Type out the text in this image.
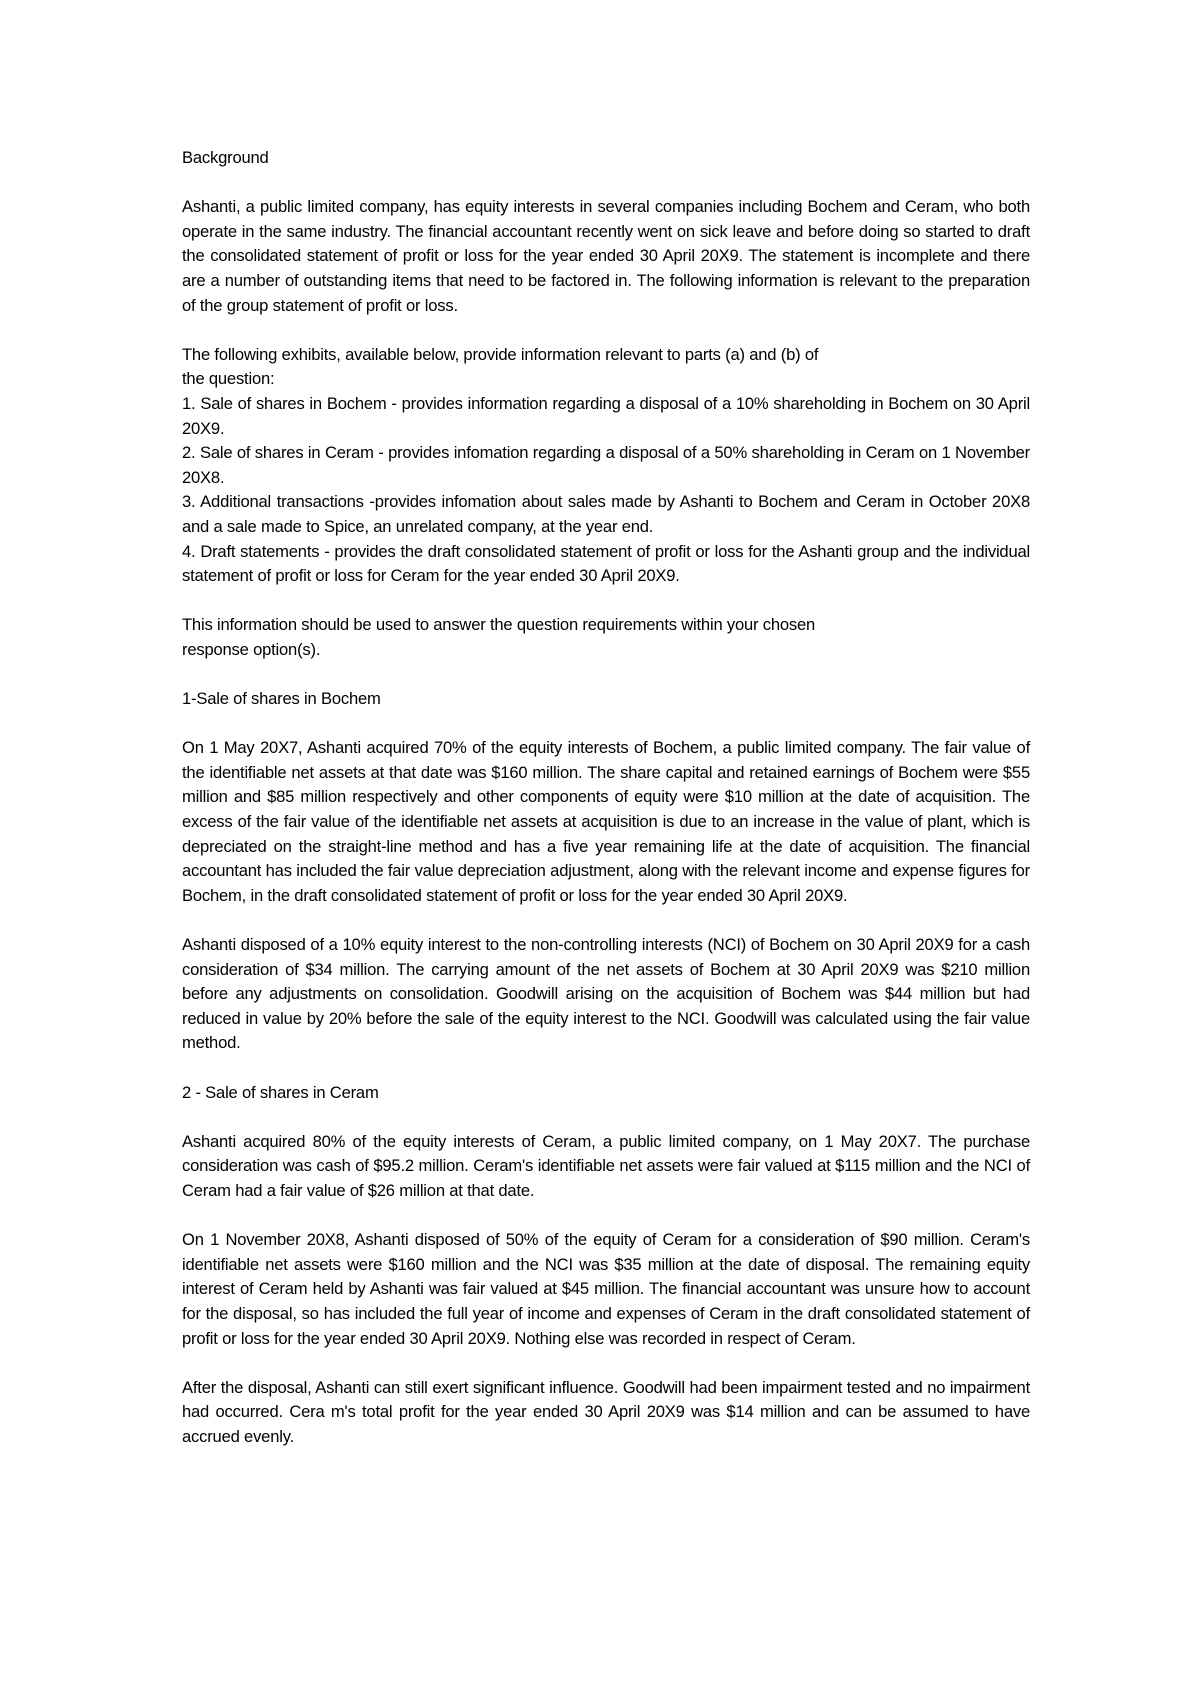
Background

Ashanti, a public limited company, has equity interests in several companies including Bochem and Ceram, who both operate in the same industry. The financial accountant recently went on sick leave and before doing so started to draft the consolidated statement of profit or loss for the year ended 30 April 20X9. The statement is incomplete and there are a number of outstanding items that need to be factored in. The following information is relevant to the preparation of the group statement of profit or loss.

The following exhibits, available below, provide information relevant to parts (a) and (b) of
the question:
1. Sale of shares in Bochem - provides information regarding a disposal of a 10% shareholding in Bochem on 30 April 20X9.
2. Sale of shares in Ceram - provides infomation regarding a disposal of a 50% shareholding in Ceram on 1 November 20X8.
3. Additional transactions -provides infomation about sales made by Ashanti to Bochem and Ceram in October 20X8 and a sale made to Spice, an unrelated company, at the year end.
4. Draft statements - provides the draft consolidated statement of profit or loss for the Ashanti group and the individual statement of profit or loss for Ceram for the year ended 30 April 20X9.
This information should be used to answer the question requirements within your chosen
response option(s).
1-Sale of shares in Bochem

On 1 May 20X7, Ashanti acquired 70% of the equity interests of Bochem, a public limited company. The fair value of the identifiable net assets at that date was $160 million. The share capital and retained earnings of Bochem were $55 million and $85 million respectively and other components of equity were $10 million at the date of acquisition. The excess of the fair value of the identifiable net assets at acquisition is due to an increase in the value of plant, which is depreciated on the straight-line method and has a five year remaining life at the date of acquisition. The financial accountant has included the fair value depreciation adjustment, along with the relevant income and expense figures for Bochem, in the draft consolidated statement of profit or loss for the year ended 30 April 20X9.

Ashanti disposed of a 10% equity interest to the non-controlling interests (NCI) of Bochem on 30 April 20X9 for a cash consideration of $34 million. The carrying amount of the net assets of Bochem at 30 April 20X9 was $210 million before any adjustments on consolidation. Goodwill arising on the acquisition of Bochem was $44 million but had reduced in value by 20% before the sale of the equity interest to the NCI. Goodwill was calculated using the fair value method.

2 - Sale of shares in Ceram

Ashanti acquired 80% of the equity interests of Ceram, a public limited company, on 1 May 20X7. The purchase consideration was cash of $95.2 million. Ceram's identifiable net assets were fair valued at $115 million and the NCI of Ceram had a fair value of $26 million at that date.

On 1 November 20X8, Ashanti disposed of 50% of the equity of Ceram for a consideration of $90 million. Ceram's identifiable net assets were $160 million and the NCI was $35 million at the date of disposal. The remaining equity interest of Ceram held by Ashanti was fair valued at $45 million. The financial accountant was unsure how to account for the disposal, so has included the full year of income and expenses of Ceram in the draft consolidated statement of profit or loss for the year ended 30 April 20X9. Nothing else was recorded in respect of Ceram.

After the disposal, Ashanti can still exert significant influence. Goodwill had been impairment tested and no impairment had occurred. Cera m's total profit for the year ended 30 April 20X9 was $14 million and can be assumed to have accrued evenly.
